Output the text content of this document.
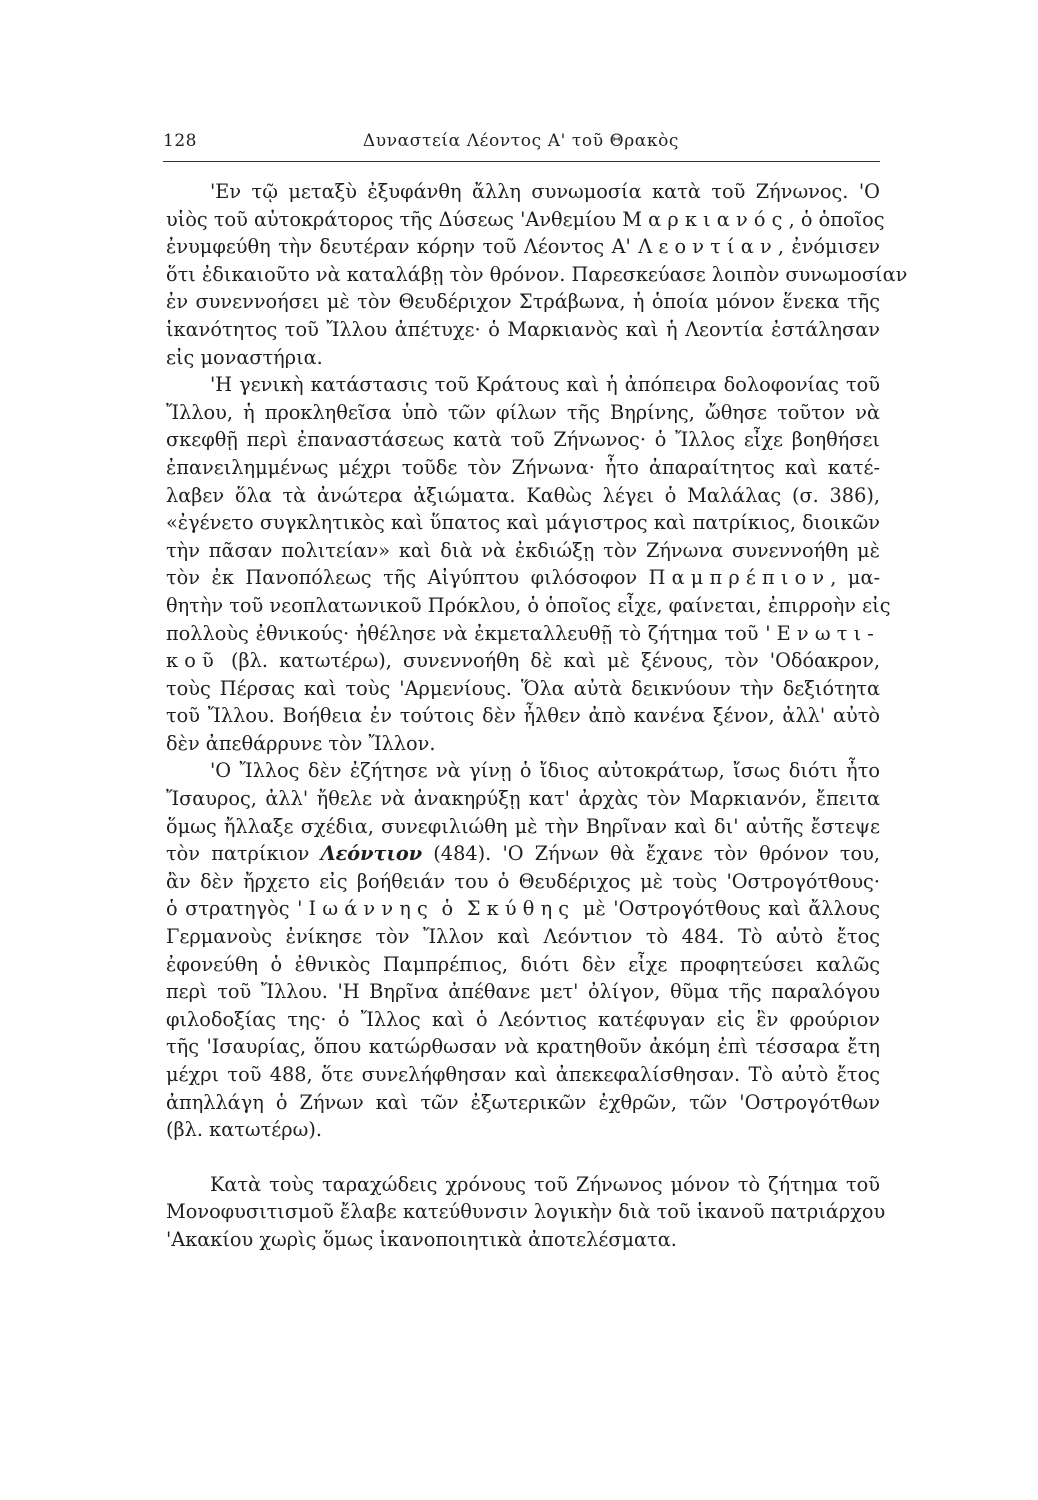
128	Δυναστεία Λέοντος Α' τοῦ Θρακὸς
'Εν τῷ μεταξὺ ἐξυφάνθη ἄλλη συνωμοσία κατὰ τοῦ Ζήνωνος. 'Ο
υἱὸς τοῦ αὐτοκράτορος τῆς Δύσεως 'Ανθεμίου Μαρκιανός, ὁ ὁποῖος
ἐνυμφεύθη τὴν δευτέραν κόρην τοῦ Λέοντος Α' Λεοντίαν, ἐνόμισεν
ὅτι ἐδικαιοῦτο νὰ καταλάβῃ τὸν θρόνον. Παρεσκεύασε λοιπὸν συνωμοσίαν
ἐν συνεννοήσει μὲ τὸν Θευδέριχον Στράβωνα, ἡ ὁποία μόνον ἕνεκα τῆς
ἱκανότητος τοῦ Ἴλλου ἀπέτυχε· ὁ Μαρκιανὸς καὶ ἡ Λεοντία ἐστάλησαν
εἰς μοναστήρια.
'Η γενικὴ κατάστασις τοῦ Κράτους καὶ ἡ ἀπόπειρα δολοφονίας τοῦ
Ἴλλου, ἡ προκληθεῖσα ὑπὸ τῶν φίλων τῆς Βηρίνης, ὤθησε τοῦτον νὰ
σκεφθῇ περὶ ἐπαναστάσεως κατὰ τοῦ Ζήνωνος· ὁ Ἴλλος εἶχε βοηθήσει
ἐπανειλημμένως μέχρι τοῦδε τὸν Ζήνωνα· ἦτο ἀπαραίτητος καὶ κατέ-
λαβεν ὅλα τὰ ἀνώτερα ἀξιώματα. Καθὼς λέγει ὁ Μαλάλας (σ. 386),
«ἐγένετο συγκλητικὸς καὶ ὕπατος καὶ μάγιστρος καὶ πατρίκιος, διοικῶν
τὴν πᾶσαν πολιτείαν» καὶ διὰ νὰ ἐκδιώξῃ τὸν Ζήνωνα συνεννοήθη μὲ
τὸν ἐκ Πανοπόλεως τῆς Αἰγύπτου φιλόσοφον Παμπρέπιον, μα-
θητὴν τοῦ νεοπλατωνικοῦ Πρόκλου, ὁ ὁποῖος εἶχε, φαίνεται, ἐπιρροὴν εἰς
πολλοὺς ἐθνικούς· ἠθέλησε νὰ ἐκμεταλλευθῇ τὸ ζήτημα τοῦ 'Ενωτι-
κοῦ (βλ. κατωτέρω), συνεννοήθη δὲ καὶ μὲ ξένους, τὸν 'Οδόακρον,
τοὺς Πέρσας καὶ τοὺς 'Αρμενίους. Ὅλα αὐτὰ δεικνύουν τὴν δεξιότητα
τοῦ Ἴλλου. Βοήθεια ἐν τούτοις δὲν ἦλθεν ἀπὸ κανένα ξένον, ἀλλ' αὐτὸ
δὲν ἀπεθάρρυνε τὸν Ἴλλον.
'Ο Ἴλλος δὲν ἐζήτησε νὰ γίνῃ ὁ ἴδιος αὐτοκράτωρ, ἴσως διότι ἦτο
Ἴσαυρος, ἀλλ' ἤθελε νὰ ἀνακηρύξῃ κατ' ἀρχὰς τὸν Μαρκιανόν, ἔπειτα
ὅμως ἤλλαξε σχέδια, συνεφιλιώθη μὲ τὴν Βηρῖναν καὶ δι' αὐτῆς ἔστεψε
τὸν πατρίκιον Λεόντιον (484). 'Ο Ζήνων θὰ ἔχανε τὸν θρόνον του,
ἂν δὲν ἤρχετο εἰς βοήθειάν του ὁ Θευδέριχος μὲ τοὺς 'Οστρογότθους·
ὁ στρατηγὸς 'Ιωάννης ὁ Σκύθης μὲ 'Οστρογότθους καὶ ἄλλους
Γερμανοὺς ἐνίκησε τὸν Ἴλλον καὶ Λεόντιον τὸ 484. Τὸ αὐτὸ ἔτος
ἐφονεύθη ὁ ἐθνικὸς Παμπρέπιος, διότι δὲν εἶχε προφητεύσει καλῶς
περὶ τοῦ Ἴλλου. 'Η Βηρῖνα ἀπέθανε μετ' ὀλίγον, θῦμα τῆς παραλόγου
φιλοδοξίας της· ὁ Ἴλλος καὶ ὁ Λεόντιος κατέφυγαν εἰς ἓν φρούριον
τῆς 'Ισαυρίας, ὅπου κατώρθωσαν νὰ κρατηθοῦν ἀκόμη ἐπὶ τέσσαρα ἔτη
μέχρι τοῦ 488, ὅτε συνελήφθησαν καὶ ἀπεκεφαλίσθησαν. Τὸ αὐτὸ ἔτος
ἀπηλλάγη ὁ Ζήνων καὶ τῶν ἐξωτερικῶν ἐχθρῶν, τῶν 'Οστρογότθων
(βλ. κατωτέρω).
Κατὰ τοὺς ταραχώδεις χρόνους τοῦ Ζήνωνος μόνον τὸ ζήτημα τοῦ
Μονοφυσιτισμοῦ ἔλαβε κατεύθυνσιν λογικὴν διὰ τοῦ ἱκανοῦ πατριάρχου
'Ακακίου χωρὶς ὅμως ἱκανοποιητικὰ ἀποτελέσματα.
